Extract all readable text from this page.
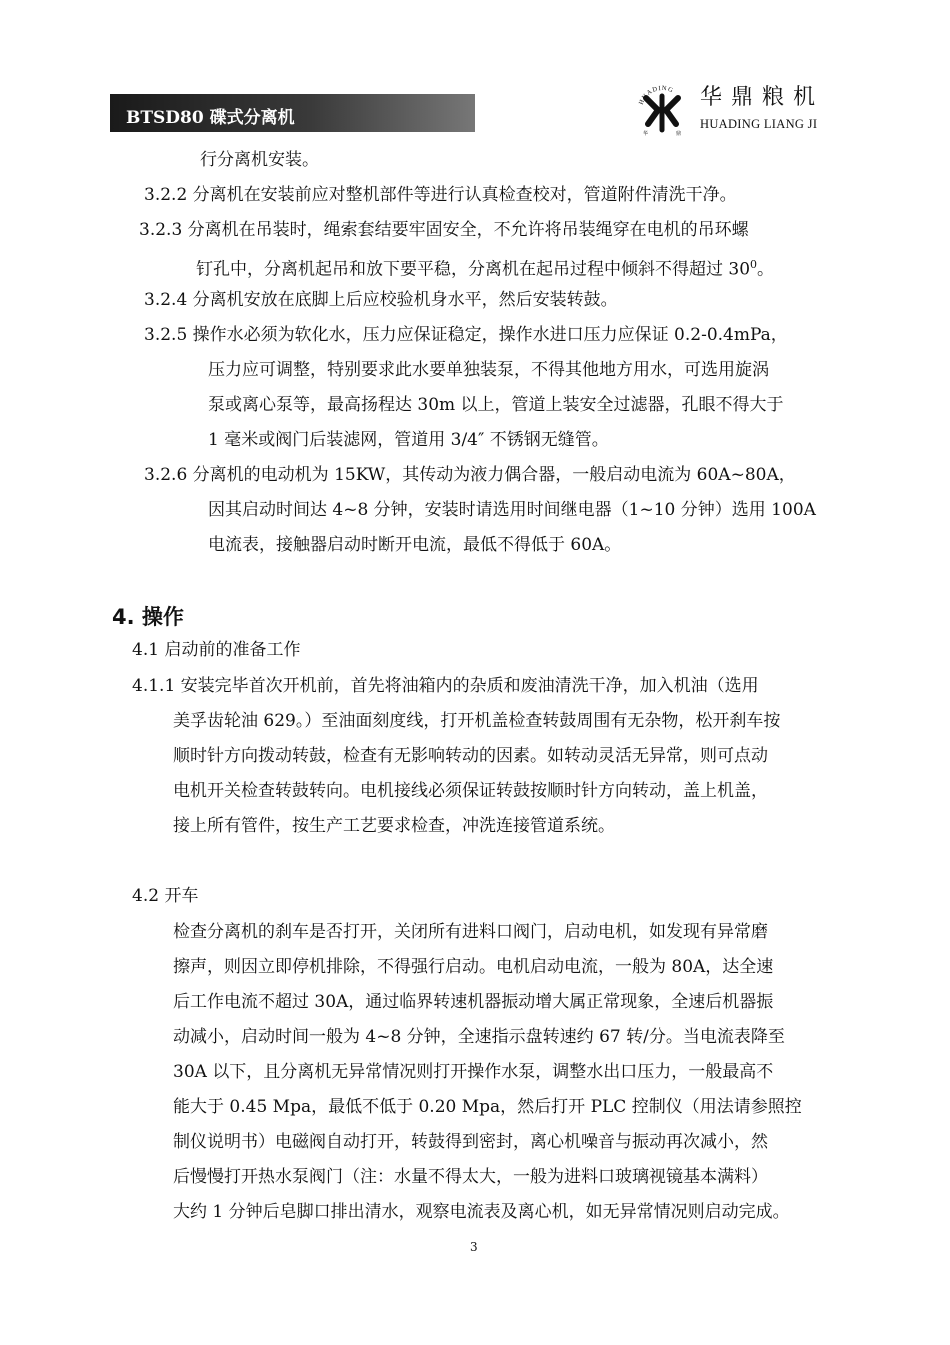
BTSD80 碟式分离机
HUADING
华	鼎
华鼎粮机
HUADING LIANG JI
行分离机安装。
3.2.2 分离机在安装前应对整机部件等进行认真检查校对，管道附件清洗干净。
3.2.3 分离机在吊装时，绳索套结要牢固安全，不允许将吊装绳穿在电机的吊环螺
钉孔中，分离机起吊和放下要平稳，分离机在起吊过程中倾斜不得超过 $30^0$。
3.2.4 分离机安放在底脚上后应校验机身水平，然后安装转鼓。
3.2.5 操作水必须为软化水，压力应保证稳定，操作水进口压力应保证 0.2-0.4mPa，
压力应可调整，特别要求此水要单独装泵，不得其他地方用水，可选用旋涡
泵或离心泵等，最高扬程达 30m 以上，管道上装安全过滤器，孔眼不得大于
1 毫米或阀门后装滤网，管道用 3/4″ 不锈钢无缝管。
3.2.6 分离机的电动机为 15KW，其传动为液力偶合器，一般启动电流为 60A~80A，
因其启动时间达 4~8 分钟，安装时请选用时间继电器（1~10 分钟）选用 100A
电流表，接触器启动时断开电流，最低不得低于 60A。
4. 操作
4.1 启动前的准备工作
4.1.1 安装完毕首次开机前，首先将油箱内的杂质和废油清洗干净，加入机油（选用
美孚齿轮油 629。）至油面刻度线，打开机盖检查转鼓周围有无杂物，松开刹车按
顺时针方向拨动转鼓，检查有无影响转动的因素。如转动灵活无异常，则可点动
电机开关检查转鼓转向。电机接线必须保证转鼓按顺时针方向转动，盖上机盖，
接上所有管件，按生产工艺要求检查，冲洗连接管道系统。
4.2 开车
检查分离机的刹车是否打开，关闭所有进料口阀门，启动电机，如发现有异常磨
擦声，则因立即停机排除，不得强行启动。电机启动电流，一般为 80A，达全速
后工作电流不超过 30A，通过临界转速机器振动增大属正常现象，全速后机器振
动减小，启动时间一般为 4~8 分钟，全速指示盘转速约 67 转/分。当电流表降至
30A 以下，且分离机无异常情况则打开操作水泵，调整水出口压力，一般最高不
能大于 0.45 Mpa，最低不低于 0.20 Mpa，然后打开 PLC 控制仪（用法请参照控
制仪说明书）电磁阀自动打开，转鼓得到密封，离心机噪音与振动再次减小，然
后慢慢打开热水泵阀门（注：水量不得太大，一般为进料口玻璃视镜基本满料）
大约 1 分钟后皂脚口排出清水，观察电流表及离心机，如无异常情况则启动完成。
3
